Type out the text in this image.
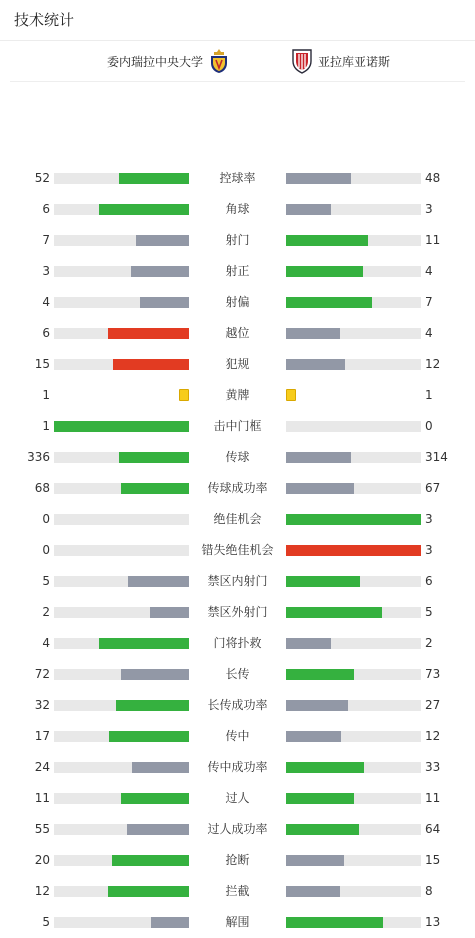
技术统计
委内瑞拉中央大学	亚拉库亚诺斯
52	控球率	48
6	角球	3
7	射门	11
3	射正	4
4	射偏	7
6	越位	4
15	犯规	12
1	黄牌	1
1	击中门框	0
336	传球	314
68	传球成功率	67
0	绝佳机会	3
0	错失绝佳机会	3
5	禁区内射门	6
2	禁区外射门	5
4	门将扑救	2
72	长传	73
32	长传成功率	27
17	传中	12
24	传中成功率	33
11	过人	11
55	过人成功率	64
20	抢断	15
12	拦截	8
5	解围	13
